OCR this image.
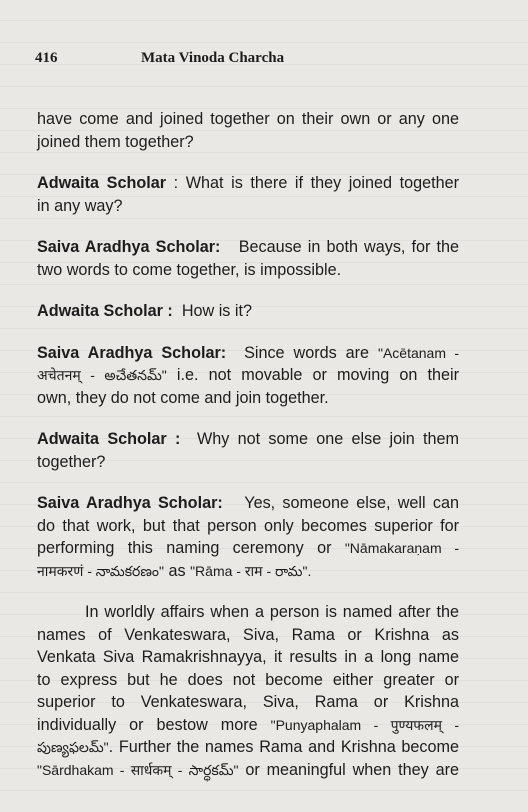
416	Mata Vinoda Charcha

have come and joined together on their own or any one
joined them together?

Adwaita Scholar : What is there if they joined together
in any way?

Saiva Aradhya Scholar: Because in both ways, for the
two words to come together, is impossible.

Adwaita Scholar : How is it?

Saiva Aradhya Scholar: Since words are "Acētanam -
अचेतनम् - అచేతనమ్" i.e. not movable or moving on their
own, they do not come and join together.

Adwaita Scholar : Why not some one else join them
together?

Saiva Aradhya Scholar: Yes, someone else, well can
do that work, but that person only becomes superior for
performing this naming ceremony or "Nāmakaraṇam -
नामकरणं - నామకరణం" as "Rāma - राम - రామ".

In worldly affairs when a person is named after the
names of Venkateswara, Siva, Rama or Krishna as
Venkata Siva Ramakrishnayya, it results in a long name
to express but he does not become either greater or
superior to Venkateswara, Siva, Rama or Krishna
individually or bestow more "Punyaphalam - पुण्यफलम् -
పుణ్యఫలమ్". Further the names Rama and Krishna become
"Sārdhakam - सार्धकम् - సార్ధకమ్" or meaningful when they are
